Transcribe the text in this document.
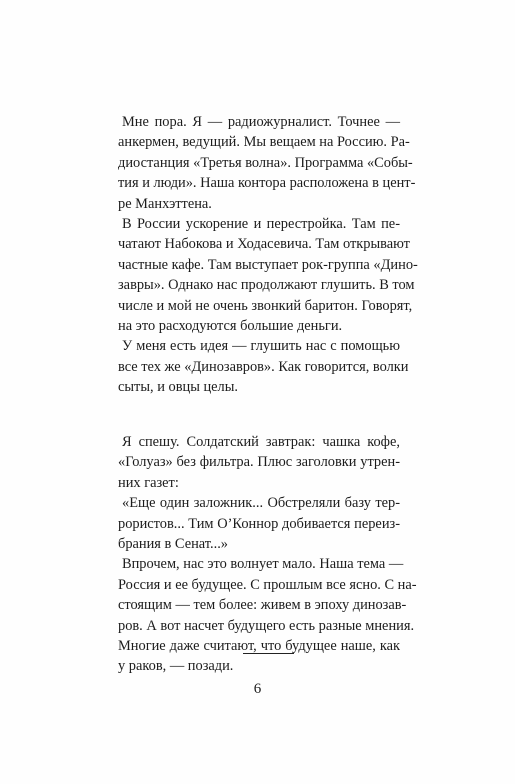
Мне пора. Я — радиожурналист. Точнее —
анкермен, ведущий. Мы вещаем на Россию. Ра-
диостанция «Третья волна». Программа «Собы-
тия и люди». Наша контора расположена в цент-
ре Манхэттена.

В России ускорение и перестройка. Там пе-
чатают Набокова и Ходасевича. Там открывают
частные кафе. Там выступает рок-группа «Дино-
завры». Однако нас продолжают глушить. В том
числе и мой не очень звонкий баритон. Говорят,
на это расходуются большие деньги.

У меня есть идея — глушить нас с помощью
все тех же «Динозавров». Как говорится, волки
сыты, и овцы целы.

Я спешу. Солдатский завтрак: чашка кофе,
«Голуаз» без фильтра. Плюс заголовки утрен-
них газет:

«Еще один заложник... Обстреляли базу тер-
рористов... Тим О’Коннор добивается переиз-
брания в Сенат...»

Впрочем, нас это волнует мало. Наша тема —
Россия и ее будущее. С прошлым все ясно. С на-
стоящим — тем более: живем в эпоху динозав-
ров. А вот насчет будущего есть разные мнения.
Многие даже считают, что будущее наше, как
у раков, — позади.

6
